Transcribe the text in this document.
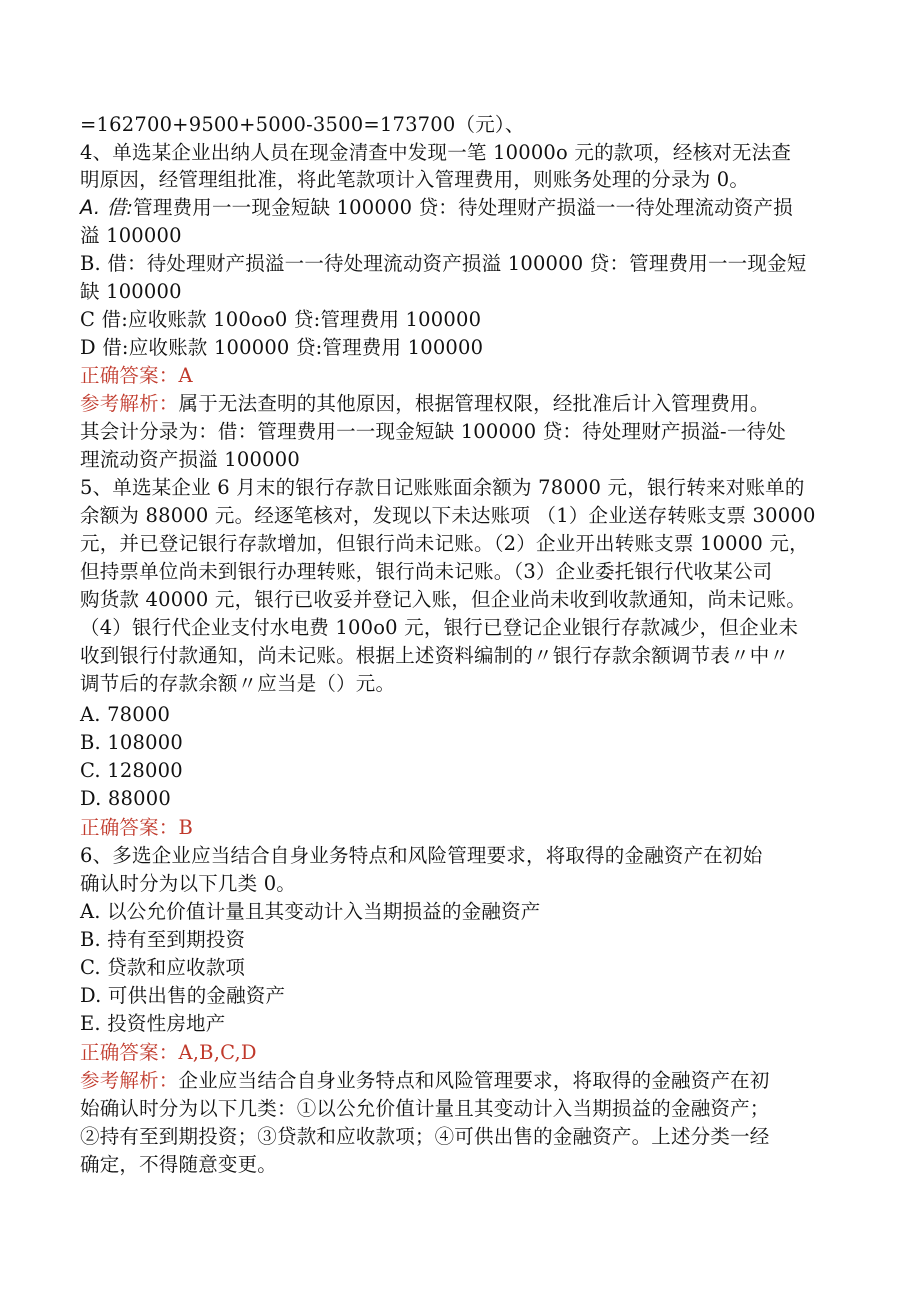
=162700+9500+5000-3500=173700（元）、
4、单选某企业出纳人员在现金清查中发现一笔 10000o 元的款项，经核对无法查
明原因，经管理组批准，将此笔款项计入管理费用，则账务处理的分录为 0。
A. 借:管理费用一一现金短缺 100000 贷：待处理财产损溢一一待处理流动资产损
溢 100000
B. 借：待处理财产损溢一一待处理流动资产损溢 100000 贷：管理费用一一现金短
缺 100000
C 借:应收账款 100oo0 贷:管理费用 100000
D 借:应收账款 100000 贷:管理费用 100000
正确答案：A
参考解析：属于无法查明的其他原因，根据管理权限，经批准后计入管理费用。
其会计分录为：借：管理费用一一现金短缺 100000 贷：待处理财产损溢-一待处
理流动资产损溢 100000
5、单选某企业 6 月末的银行存款日记账账面余额为 78000 元，银行转来对账单的
余额为 88000 元。经逐笔核对，发现以下未达账项 （1）企业送存转账支票 30000
元，并已登记银行存款增加，但银行尚未记账。（2）企业开出转账支票 10000 元，
但持票单位尚未到银行办理转账，银行尚未记账。（3）企业委托银行代收某公司
购货款 40000 元，银行已收妥并登记入账，但企业尚未收到收款通知，尚未记账。
（4）银行代企业支付水电费 100o0 元，银行已登记企业银行存款减少，但企业未
收到银行付款通知，尚未记账。根据上述资料编制的〃银行存款余额调节表〃中〃
调节后的存款余额〃应当是（）元。
A. 78000
B. 108000
C. 128000
D. 88000
正确答案：B
6、多选企业应当结合自身业务特点和风险管理要求，将取得的金融资产在初始
确认时分为以下几类 0。
A. 以公允价值计量且其变动计入当期损益的金融资产
B. 持有至到期投资
C. 贷款和应收款项
D. 可供出售的金融资产
E. 投资性房地产
正确答案：A,B,C,D
参考解析：企业应当结合自身业务特点和风险管理要求，将取得的金融资产在初
始确认时分为以下几类：①以公允价值计量且其变动计入当期损益的金融资产；
②持有至到期投资；③贷款和应收款项；④可供出售的金融资产。上述分类一经
确定，不得随意变更。
